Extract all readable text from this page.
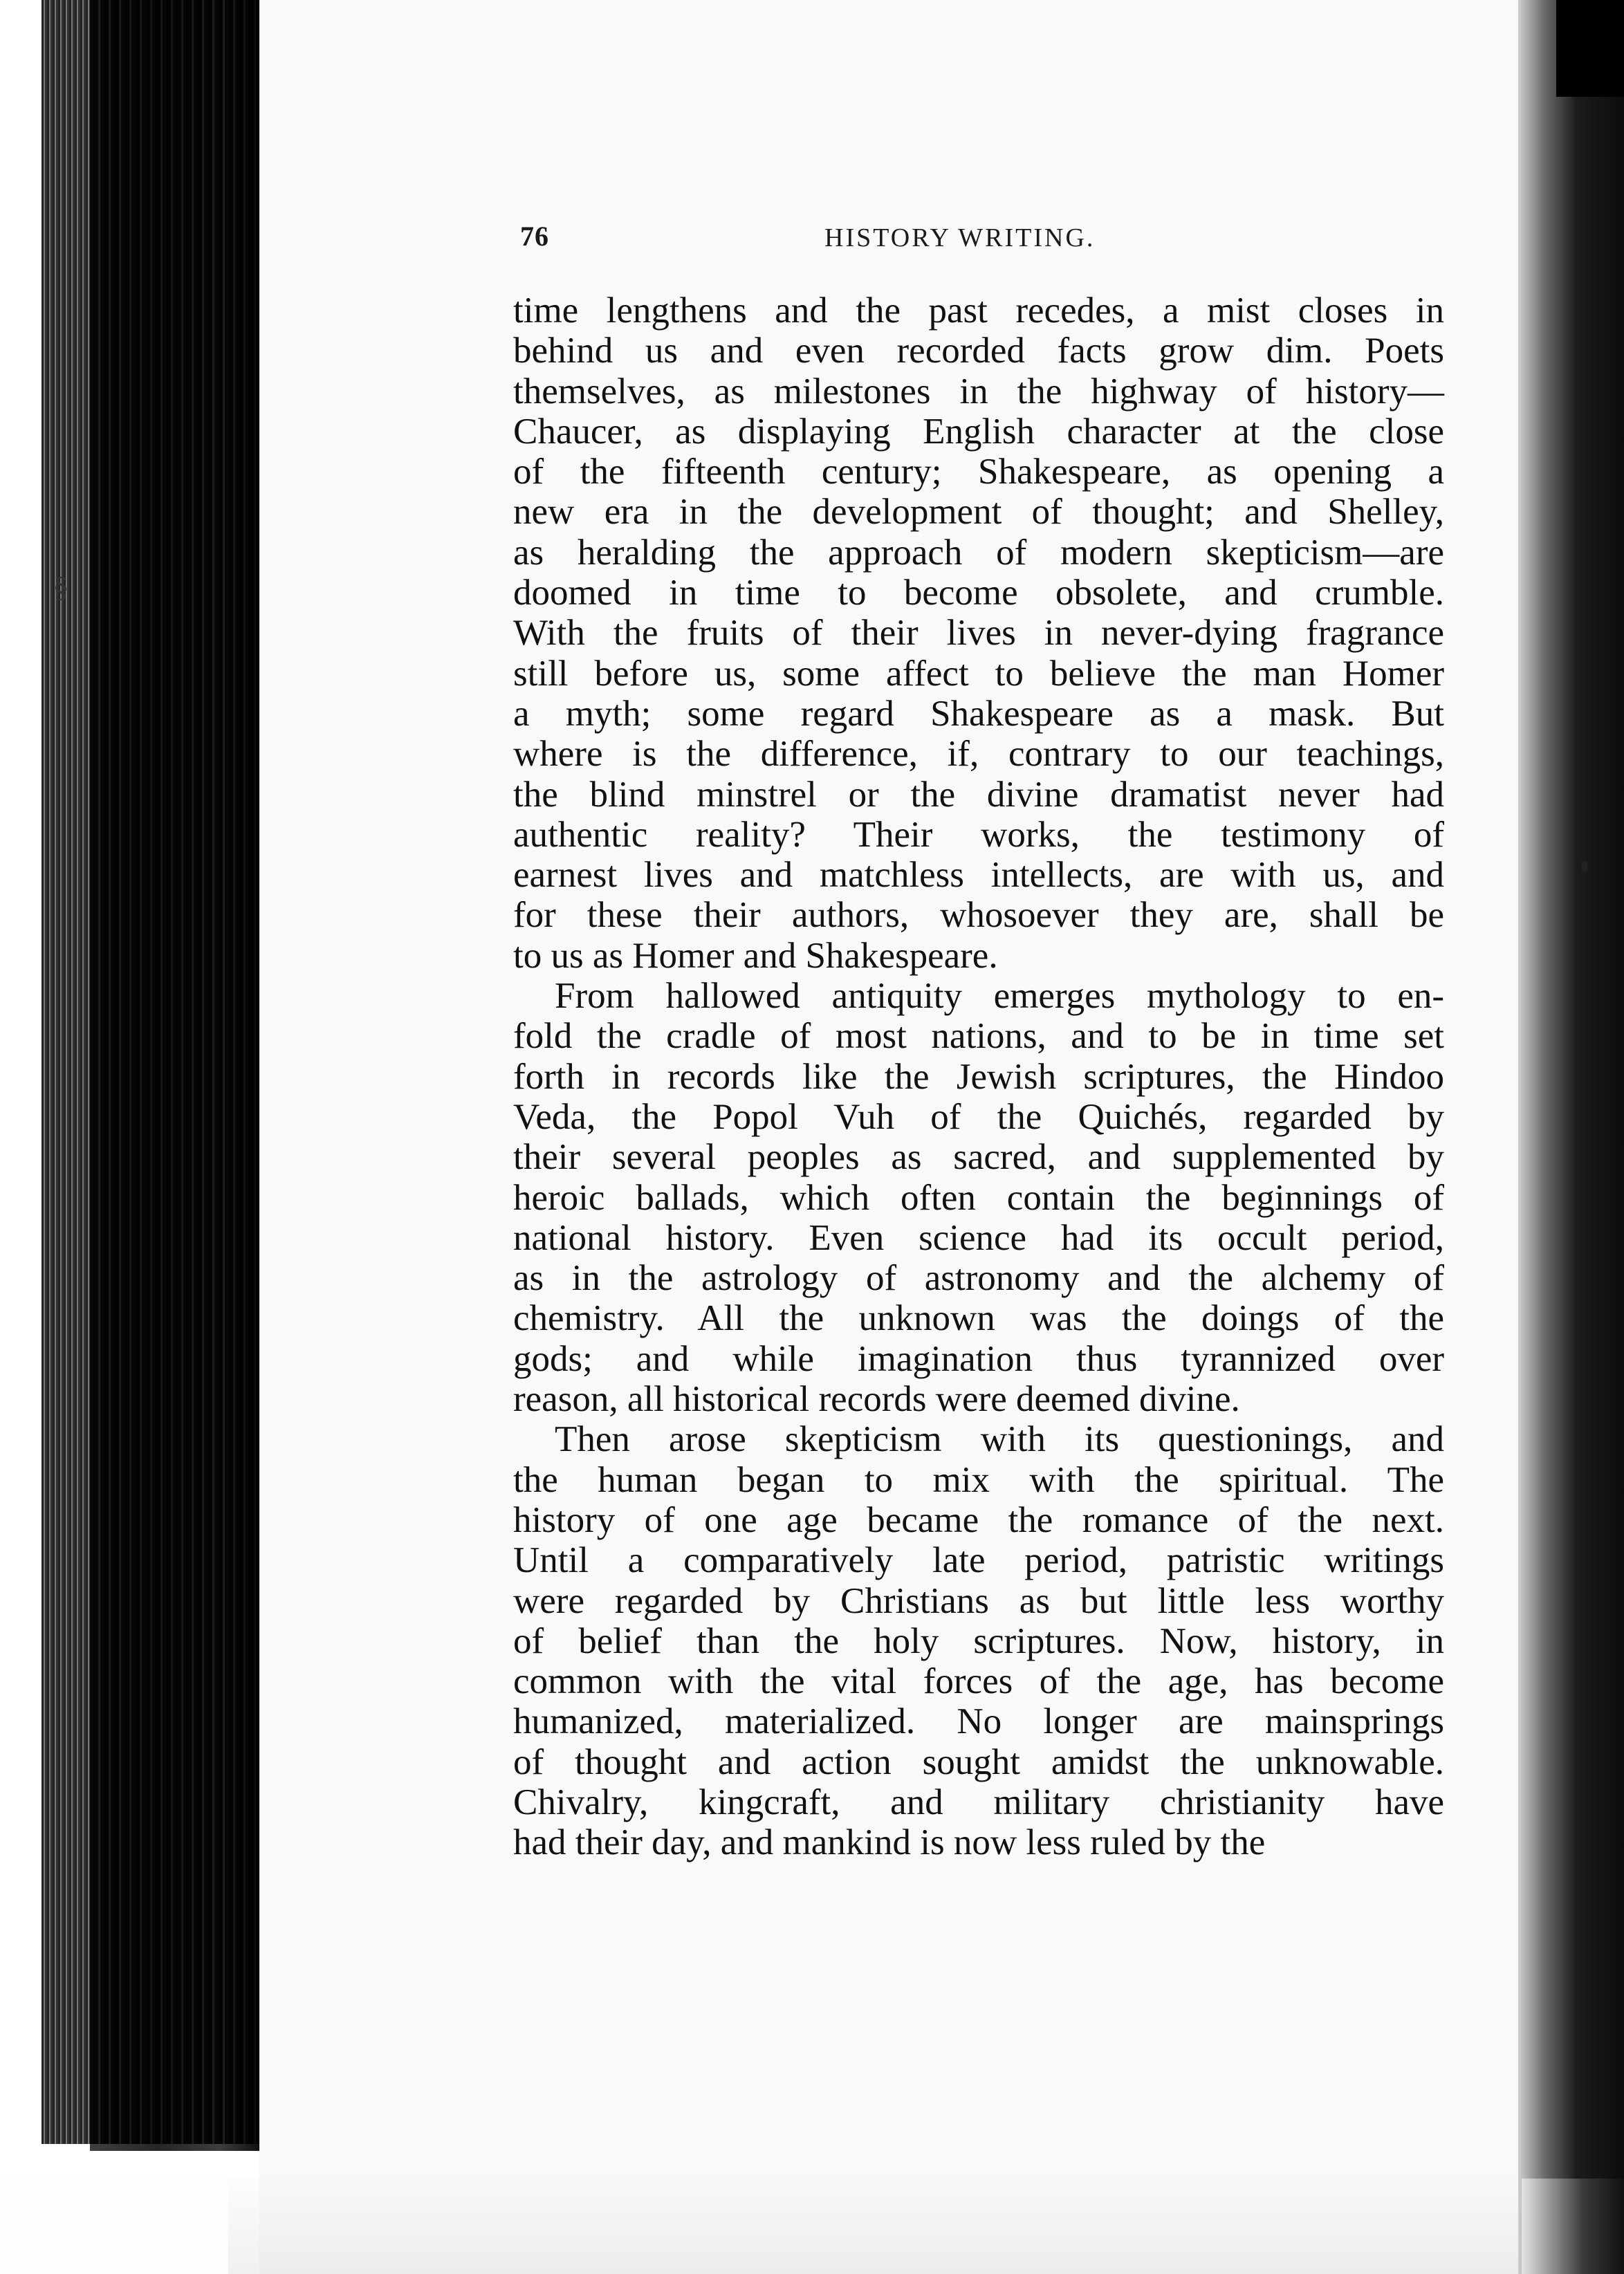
§
76	HISTORY WRITING.
time lengthens and the past recedes, a mist closes in
behind us and even recorded facts grow dim. Poets
themselves, as milestones in the highway of history—
Chaucer, as displaying English character at the close
of the fifteenth century; Shakespeare, as opening a
new era in the development of thought; and Shelley,
as heralding the approach of modern skepticism—are
doomed in time to become obsolete, and crumble.
With the fruits of their lives in never-dying fragrance
still before us, some affect to believe the man Homer
a myth; some regard Shakespeare as a mask. But
where is the difference, if, contrary to our teachings,
the blind minstrel or the divine dramatist never had
authentic reality? Their works, the testimony of
earnest lives and matchless intellects, are with us, and
for these their authors, whosoever they are, shall be
to us as Homer and Shakespeare.
From hallowed antiquity emerges mythology to en-
fold the cradle of most nations, and to be in time set
forth in records like the Jewish scriptures, the Hindoo
Veda, the Popol Vuh of the Quichés, regarded by
their several peoples as sacred, and supplemented by
heroic ballads, which often contain the beginnings of
national history. Even science had its occult period,
as in the astrology of astronomy and the alchemy of
chemistry. All the unknown was the doings of the
gods; and while imagination thus tyrannized over
reason, all historical records were deemed divine.
Then arose skepticism with its questionings, and
the human began to mix with the spiritual. The
history of one age became the romance of the next.
Until a comparatively late period, patristic writings
were regarded by Christians as but little less worthy
of belief than the holy scriptures. Now, history, in
common with the vital forces of the age, has become
humanized, materialized. No longer are mainsprings
of thought and action sought amidst the unknowable.
Chivalry, kingcraft, and military christianity have
had their day, and mankind is now less ruled by the
